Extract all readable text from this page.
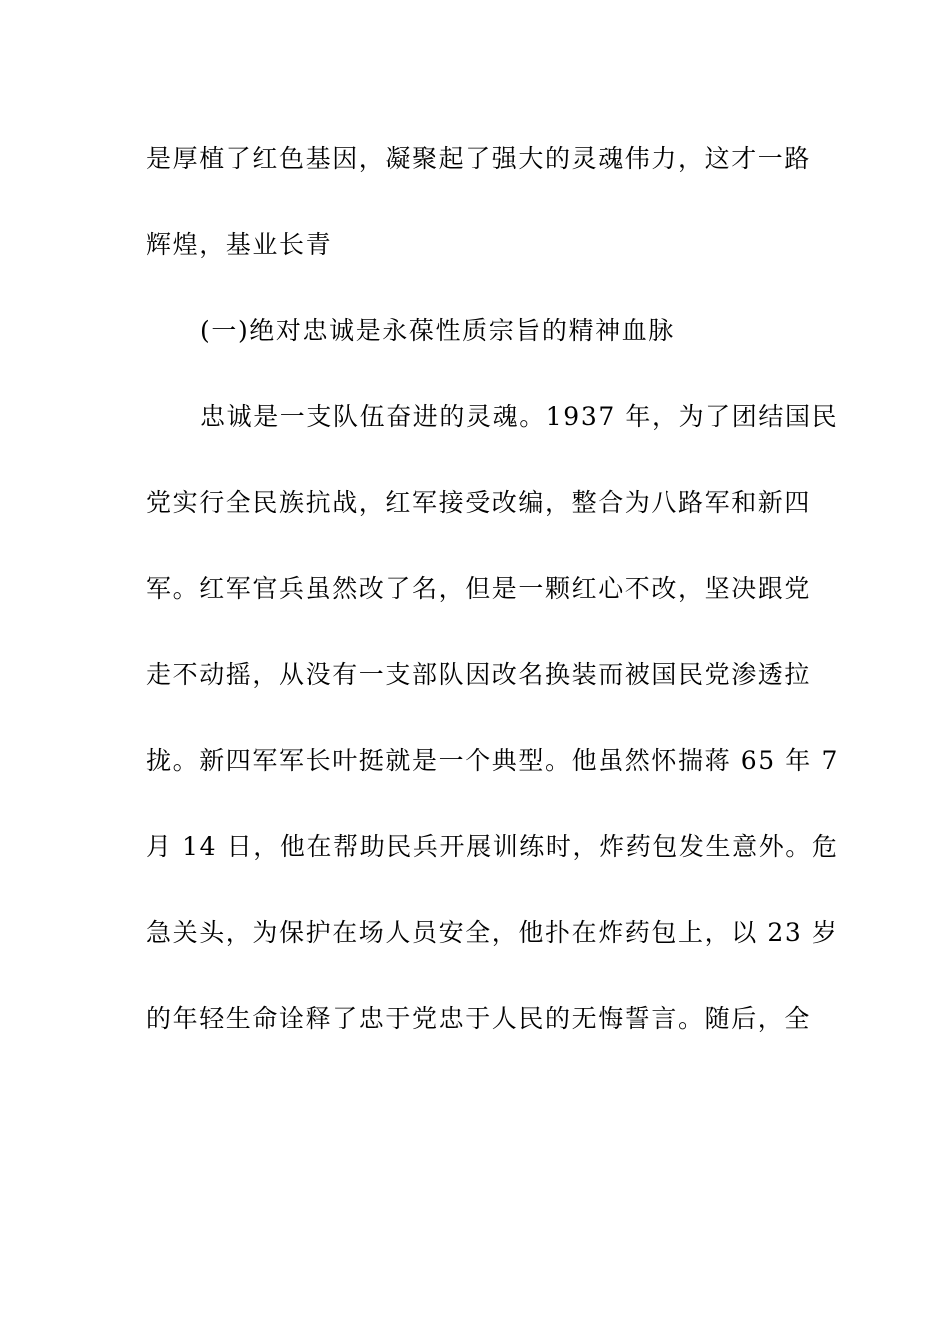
是厚植了红色基因，凝聚起了强大的灵魂伟力，这才一路
辉煌，基业长青
(一)绝对忠诚是永葆性质宗旨的精神血脉
忠诚是一支队伍奋进的灵魂。1937 年，为了团结国民
党实行全民族抗战，红军接受改编，整合为八路军和新四
军。红军官兵虽然改了名，但是一颗红心不改，坚决跟党
走不动摇，从没有一支部队因改名换装而被国民党渗透拉
拢。新四军军长叶挺就是一个典型。他虽然怀揣蒋 65 年 7
月 14 日，他在帮助民兵开展训练时，炸药包发生意外。危
急关头，为保护在场人员安全，他扑在炸药包上，以 23 岁
的年轻生命诠释了忠于党忠于人民的无悔誓言。随后，全
